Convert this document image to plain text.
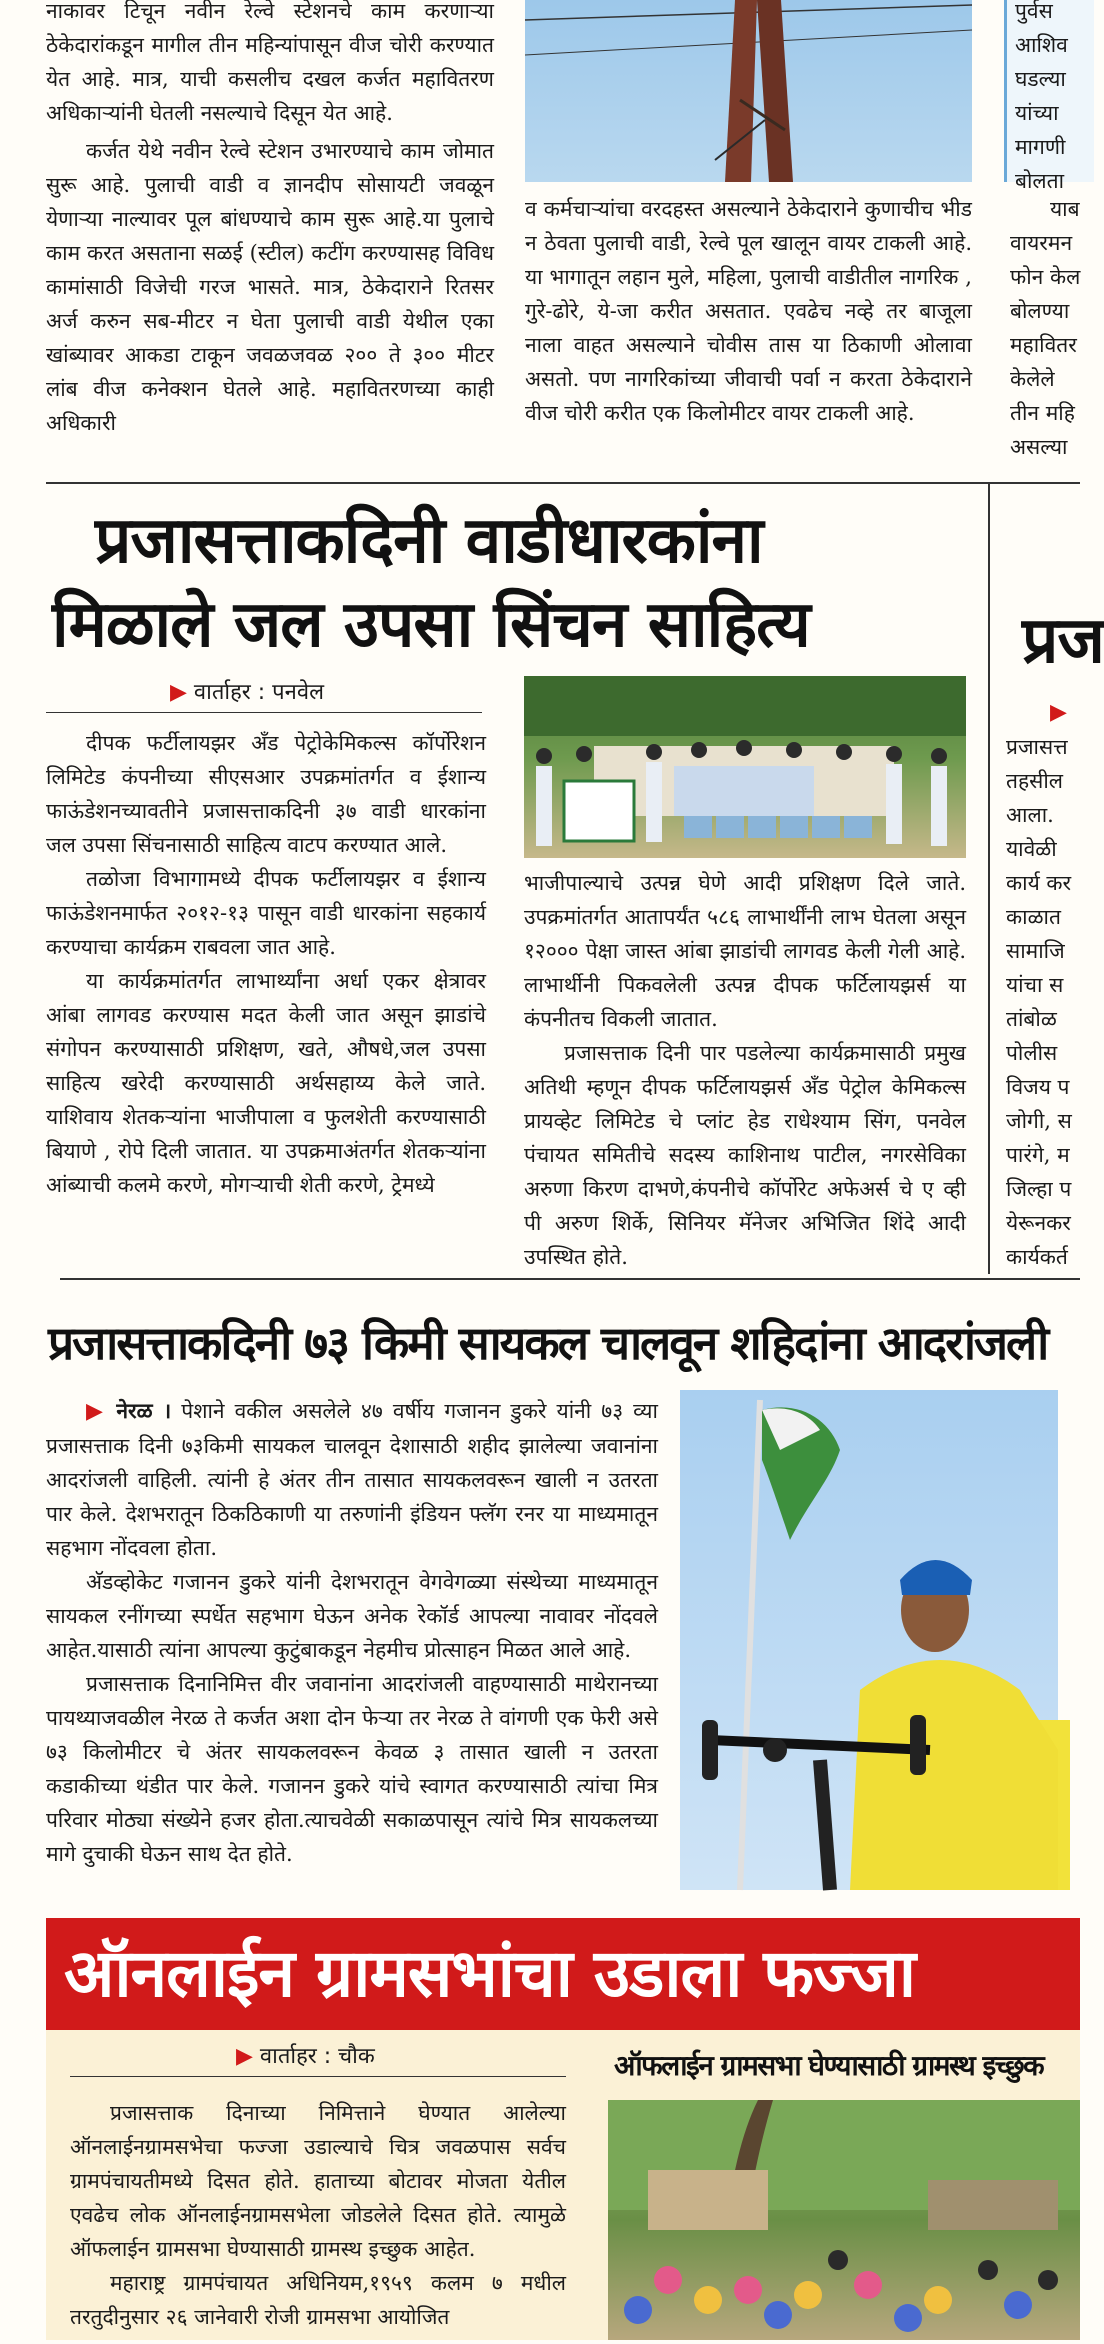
नाकावर टिचून नवीन रेल्वे स्टेशनचे काम करणाऱ्या ठेकेदारांकडून मागील तीन महिन्यांपासून वीज चोरी करण्यात येत आहे. मात्र, याची कसलीच दखल कर्जत महावितरण अधिकाऱ्यांनी घेतली नसल्याचे दिसून येत आहे.

कर्जत येथे नवीन रेल्वे स्टेशन उभारण्याचे काम जोमात सुरू आहे. पुलाची वाडी व ज्ञानदीप सोसायटी जवळून येणाऱ्या नाल्यावर पूल बांधण्याचे काम सुरू आहे.या पुलाचे काम करत असताना सळई (स्टील) कटींग करण्यासह विविध कामांसाठी विजेची गरज भासते. मात्र, ठेकेदाराने रितसर अर्ज करुन सब-मीटर न घेता पुलाची वाडी येथील एका खांब्यावर आकडा टाकून जवळजवळ २०० ते ३०० मीटर लांब वीज कनेक्शन घेतले आहे. महावितरणच्या काही अधिकारी

व कर्मचाऱ्यांचा वरदहस्त असल्याने ठेकेदाराने कुणाचीच भीड न ठेवता पुलाची वाडी, रेल्वे पूल खालून वायर टाकली आहे. या भागातून लहान मुले, महिला, पुलाची वाडीतील नागरिक , गुरे-ढोरे, ये-जा करीत असतात. एवढेच नव्हे तर बाजूला नाला वाहत असल्याने चोवीस तास या ठिकाणी ओलावा असतो. पण नागरिकांच्या जीवाची पर्वा न करता ठेकेदाराने वीज चोरी करीत एक किलोमीटर वायर टाकली आहे.

पुर्वस
आशिव
घडल्या
यांच्या
मागणी
बोलता
याब
वायरमन
फोन केल
बोलण्या
महावितर
केलेले
तीन महि
असल्या
प्रजासत्ताकदिनी वाडीधारकांना
मिळाले जल उपसा सिंचन साहित्य
▶ वार्ताहर : पनवेल

दीपक फर्टीलायझर अँड पेट्रोकेमिकल्स कॉर्पोरेशन लिमिटेड कंपनीच्या सीएसआर उपक्रमांतर्गत व ईशान्य फाऊंडेशनच्यावतीने प्रजासत्ताकदिनी ३७ वाडी धारकांना जल उपसा सिंचनासाठी साहित्य वाटप करण्यात आले.

तळोजा विभागामध्ये दीपक फर्टीलायझर व ईशान्य फाऊंडेशनमार्फत २०१२-१३ पासून वाडी धारकांना सहकार्य करण्याचा कार्यक्रम राबवला जात आहे.

या कार्यक्रमांतर्गत लाभार्थ्यांना अर्धा एकर क्षेत्रावर आंबा लागवड करण्यास मदत केली जात असून झाडांचे संगोपन करण्यासाठी प्रशिक्षण, खते, औषधे,जल उपसा साहित्य खरेदी करण्यासाठी अर्थसहाय्य केले जाते. याशिवाय शेतकऱ्यांना भाजीपाला व फुलशेती करण्यासाठी बियाणे , रोपे दिली जातात. या उपक्रमाअंतर्गत शेतकऱ्यांना आंब्याची कलमे करणे, मोगऱ्याची शेती करणे, ट्रेमध्ये

भाजीपाल्याचे उत्पन्न घेणे आदी प्रशिक्षण दिले जाते. उपक्रमांतर्गत आतापर्यंत ५८६ लाभार्थींनी लाभ घेतला असून १२००० पेक्षा जास्त आंबा झाडांची लागवड केली गेली आहे. लाभार्थीनी पिकवलेली उत्पन्न दीपक फर्टिलायझर्स या कंपनीतच विकली जातात.

प्रजासत्ताक दिनी पार पडलेल्या कार्यक्रमासाठी प्रमुख अतिथी म्हणून दीपक फर्टिलायझर्स अँड पेट्रोल केमिकल्स प्रायव्हेट लिमिटेड चे प्लांट हेड राधेश्याम सिंग, पनवेल पंचायत समितीचे सदस्य काशिनाथ पाटील, नगरसेविका अरुणा किरण दाभणे,कंपनीचे कॉर्पोरेट अफेअर्स चे ए व्ही पी अरुण शिर्के, सिनियर मॅनेजर अभिजित शिंदे आदी उपस्थित होते.

प्रज
▶
प्रजासत्त
तहसील
आला.
यावेळी
कार्य कर
काळात
सामाजि
यांचा स
तांबोळ
पोलीस
विजय प
जोगी, स
पारंगे, म
जिल्हा प
येरूनकर
कार्यकर्त
प्रजासत्ताकदिनी ७३ किमी सायकल चालवून शहिदांना आदरांजली

▶ नेरळ । पेशाने वकील असलेले ४७ वर्षीय गजानन डुकरे यांनी ७३ व्या प्रजासत्ताक दिनी ७३किमी सायकल चालवून देशासाठी शहीद झालेल्या जवानांना आदरांजली वाहिली. त्यांनी हे अंतर तीन तासात सायकलवरून खाली न उतरता पार केले. देशभरातून ठिकठिकाणी या तरुणांनी इंडियन फ्लॅग रनर या माध्यमातून सहभाग नोंदवला होता.

अ‍ॅडव्होकेट गजानन डुकरे यांनी देशभरातून वेगवेगळ्या संस्थेच्या माध्यमातून सायकल रनींगच्या स्पर्धेत सहभाग घेऊन अनेक रेकॉर्ड आपल्या नावावर नोंदवले आहेत.यासाठी त्यांना आपल्या कुटुंबाकडून नेहमीच प्रोत्साहन मिळत आले आहे.

प्रजासत्ताक दिनानिमित्त वीर जवानांना आदरांजली वाहण्यासाठी माथेरानच्या पायथ्याजवळील नेरळ ते कर्जत अशा दोन फेऱ्या तर नेरळ ते वांगणी एक फेरी असे ७३ किलोमीटर चे अंतर सायकलवरून केवळ ३ तासात खाली न उतरता कडाकीच्या थंडीत पार केले. गजानन डुकरे यांचे स्वागत करण्यासाठी त्यांचा मित्र परिवार मोठ्या संख्येने हजर होता.त्याचवेळी सकाळपासून त्यांचे मित्र सायकलच्या मागे दुचाकी घेऊन साथ देत होते.

ऑनलाईन ग्रामसभांचा उडाला फज्जा
▶ वार्ताहर : चौक

प्रजासत्ताक दिनाच्या निमित्ताने घेण्यात आलेल्या ऑनलाईनग्रामसभेचा फज्जा उडाल्याचे चित्र जवळपास सर्वच ग्रामपंचायतीमध्ये दिसत होते. हाताच्या बोटावर मोजता येतील एवढेच लोक ऑनलाईनग्रामसभेला जोडलेले दिसत होते. त्यामुळे ऑफलाईन ग्रामसभा घेण्यासाठी ग्रामस्थ इच्छुक आहेत.

महाराष्ट्र ग्रामपंचायत अधिनियम,१९५९ कलम ७ मधील तरतुदीनुसार २६ जानेवारी रोजी ग्रामसभा आयोजित

ऑफलाईन ग्रामसभा घेण्यासाठी ग्रामस्थ इच्छुक
